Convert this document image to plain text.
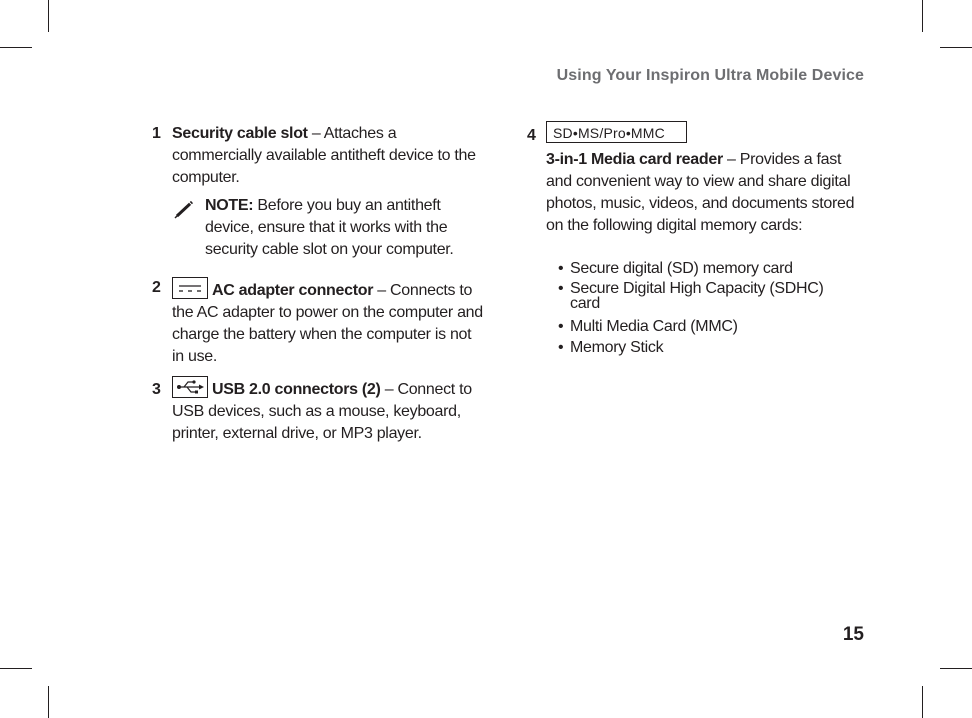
Using Your Inspiron Ultra Mobile Device
1 Security cable slot – Attaches a commercially available antitheft device to the computer.
NOTE: Before you buy an antitheft device, ensure that it works with the security cable slot on your computer.
2	AC adapter connector – Connects to the AC adapter to power on the computer and charge the battery when the computer is not in use.
3	USB 2.0 connectors (2) – Connect to USB devices, such as a mouse, keyboard, printer, external drive, or MP3 player.
4	SD•MS/Pro•MMC
3-in-1 Media card reader – Provides a fast and convenient way to view and share digital photos, music, videos, and documents stored on the following digital memory cards:
• Secure digital (SD) memory card
• Secure Digital High Capacity (SDHC) card
• Multi Media Card (MMC)
• Memory Stick
15
